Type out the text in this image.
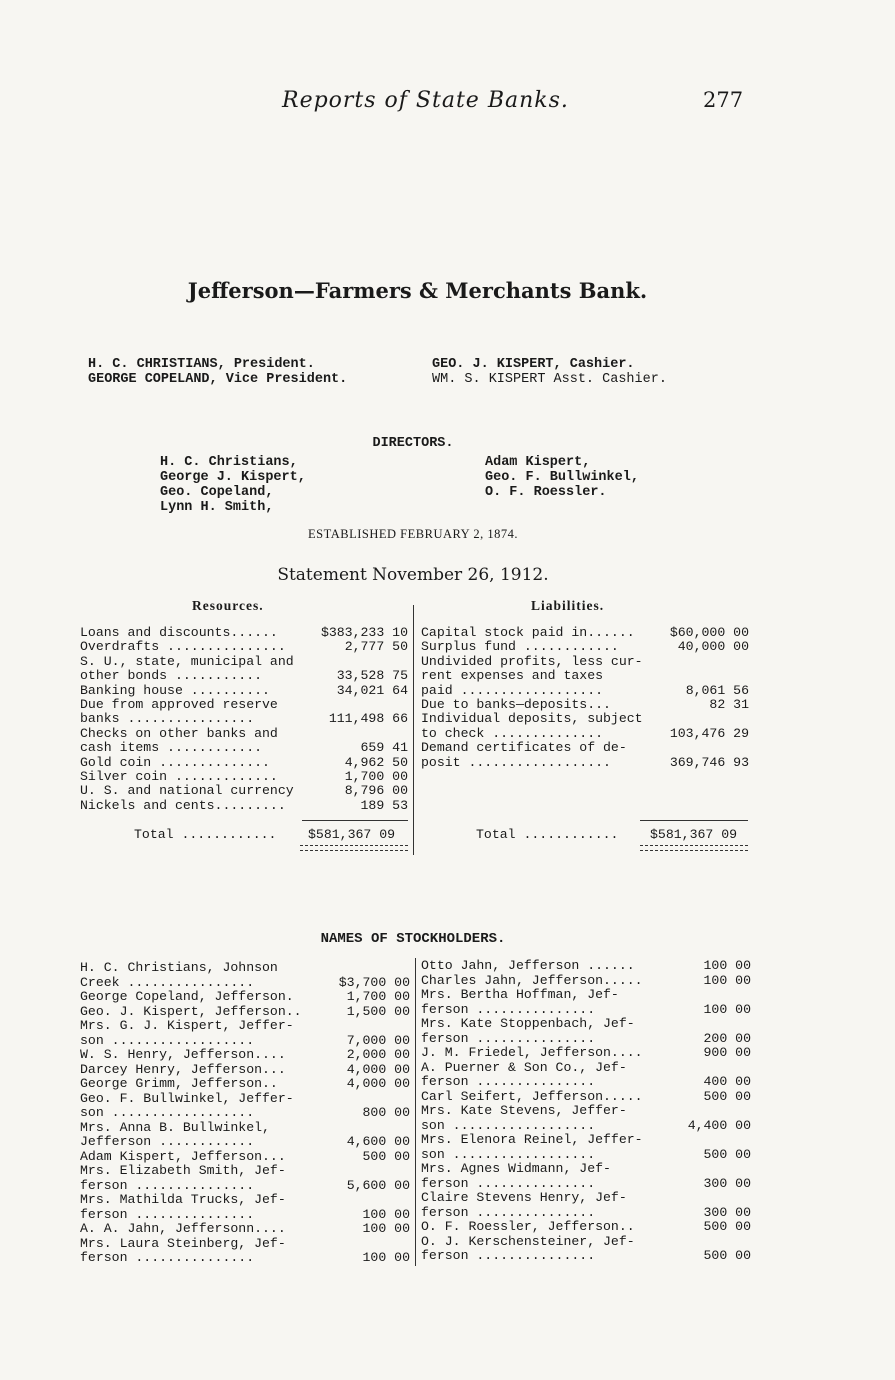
Reports of State Banks.	277
Jefferson—Farmers & Merchants Bank.
H. C. CHRISTIANS, President.
GEORGE COPELAND, Vice President.
GEO. J. KISPERT, Cashier.
WM. S. KISPERT Asst. Cashier.
DIRECTORS.
H. C. Christians,
George J. Kispert,
Geo. Copeland,
Lynn H. Smith,
Adam Kispert,
Geo. F. Bullwinkel,
O. F. Roessler.
ESTABLISHED FEBRUARY 2, 1874.
Statement November 26, 1912.
Resources.	Liabilities.
Loans and discounts......	$383,233 10
Overdrafts ...............	2,777 50
S. U., state, municipal and
other bonds ...........	33,528 75
Banking house ..........	34,021 64
Due from approved reserve
banks ................	111,498 66
Checks on other banks and
cash items ............	659 41
Gold coin ..............	4,962 50
Silver coin .............	1,700 00
U. S. and national currency	8,796 00
Nickels and cents.........	189 53
Capital stock paid in......	$60,000 00
Surplus fund ............	40,000 00
Undivided profits, less cur-
rent expenses and taxes
paid ..................	8,061 56
Due to banks—deposits...	82 31
Individual deposits, subject
to check ..............	103,476 29
Demand certificates of de-
posit ..................	369,746 93
Total ............ $581,367 09	Total ............ $581,367 09
NAMES OF STOCKHOLDERS.
H. C. Christians, Johnson
Creek ................	$3,700 00
George Copeland, Jefferson.	1,700 00
Geo. J. Kispert, Jefferson..	1,500 00
Mrs. G. J. Kispert, Jeffer-
son ..................	7,000 00
W. S. Henry, Jefferson....	2,000 00
Darcey Henry, Jefferson...	4,000 00
George Grimm, Jefferson..	4,000 00
Geo. F. Bullwinkel, Jeffer-
son ..................	800 00
Mrs. Anna B. Bullwinkel,
Jefferson ............	4,600 00
Adam Kispert, Jefferson...	500 00
Mrs. Elizabeth Smith, Jef-
ferson ...............	5,600 00
Mrs. Mathilda Trucks, Jef-
ferson ...............	100 00
A. A. Jahn, Jeffersonn....	100 00
Mrs. Laura Steinberg, Jef-
ferson ...............	100 00
Otto Jahn, Jefferson ......	100 00
Charles Jahn, Jefferson.....	100 00
Mrs. Bertha Hoffman, Jef-
ferson ...............	100 00
Mrs. Kate Stoppenbach, Jef-
ferson ...............	200 00
J. M. Friedel, Jefferson....	900 00
A. Puerner & Son Co., Jef-
ferson ...............	400 00
Carl Seifert, Jefferson.....	500 00
Mrs. Kate Stevens, Jeffer-
son ..................	4,400 00
Mrs. Elenora Reinel, Jeffer-
son ..................	500 00
Mrs. Agnes Widmann, Jef-
ferson ...............	300 00
Claire Stevens Henry, Jef-
ferson ...............	300 00
O. F. Roessler, Jefferson..	500 00
O. J. Kerschensteiner, Jef-
ferson ...............	500 00
